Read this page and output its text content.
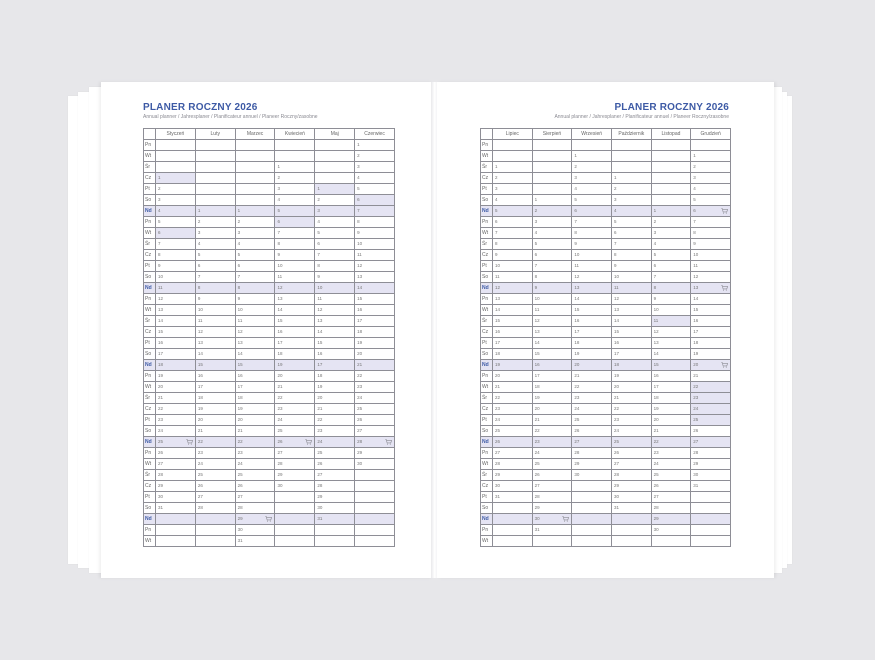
PLANER ROCZNY 2026
Annual planner / Jahresplaner / Planificateur annuel / Planeer Roczny/zasobne
	Styczeń	Luty	Marzec	Kwiecień	Maj	Czerwiec
Pn						1
Wt						2
Śr				1		3
Cz	1			2		4
Pt	2			3	1	5
So	3			4	2	6
Nd	4	1	1	5	3	7
Pn	5	2	2	6	4	8
Wt	6	3	3	7	5	9
Śr	7	4	4	8	6	10
Cz	8	5	5	9	7	11
Pt	9	6	6	10	8	12
So	10	7	7	11	9	13
Nd	11	8	8	12	10	14
Pn	12	9	9	13	11	15
Wt	13	10	10	14	12	16
Śr	14	11	11	15	13	17
Cz	15	12	12	16	14	18
Pt	16	13	13	17	15	19
So	17	14	14	18	16	20
Nd	18	15	15	19	17	21
Pn	19	16	16	20	18	22
Wt	20	17	17	21	19	23
Śr	21	18	18	22	20	24
Cz	22	19	19	23	21	25
Pt	23	20	20	24	22	26
So	24	21	21	25	23	27
Nd	25	22	22	26	24	28

Pn	26	23	23	27	25	29
Wt	27	24	24	28	26	30
Śr	28	25	25	29	27	
Cz	29	26	26	30	28	
Pt	30	27	27		29	
So	31	28	28		30	
Nd			29		31	
Pn			30			
Wt			31			
PLANER ROCZNY 2026
Annual planner / Jahresplaner / Planificateur annuel / Planeer Roczny/zasobne
	Lipiec	Sierpień	Wrzesień	Październik	Listopad	Grudzień
Pn						
Wt			1			1
Śr	1		2			2
Cz	2		3	1		3
Pt	3		4	2		4
So	4	1	5	3		5
Nd	5	2	6	4	1	6

Pn	6	3	7	5	2	7
Wt	7	4	8	6	3	8
Śr	8	5	9	7	4	9
Cz	9	6	10	8	5	10
Pt	10	7	11	9	6	11
So	11	8	12	10	7	12
Nd	12	9	13	11	8	13

Pn	13	10	14	12	9	14
Wt	14	11	15	13	10	15
Śr	15	12	16	14	11	16
Cz	16	13	17	15	12	17
Pt	17	14	18	16	13	18
So	18	15	19	17	14	19
Nd	19	16	20	18	15	20

Pn	20	17	21	19	16	21
Wt	21	18	22	20	17	22
Śr	22	19	23	21	18	23
Cz	23	20	24	22	19	24
Pt	24	21	25	23	20	25
So	25	22	26	24	21	26
Nd	26	23	27	25	22	27
Pn	27	24	28	26	23	28
Wt	28	25	29	27	24	29
Śr	29	26	30	28	25	30
Cz	30	27		29	26	31
Pt	31	28		30	27	
So		29		31	28	
Nd		30			29	
Pn		31			30	
Wt						
